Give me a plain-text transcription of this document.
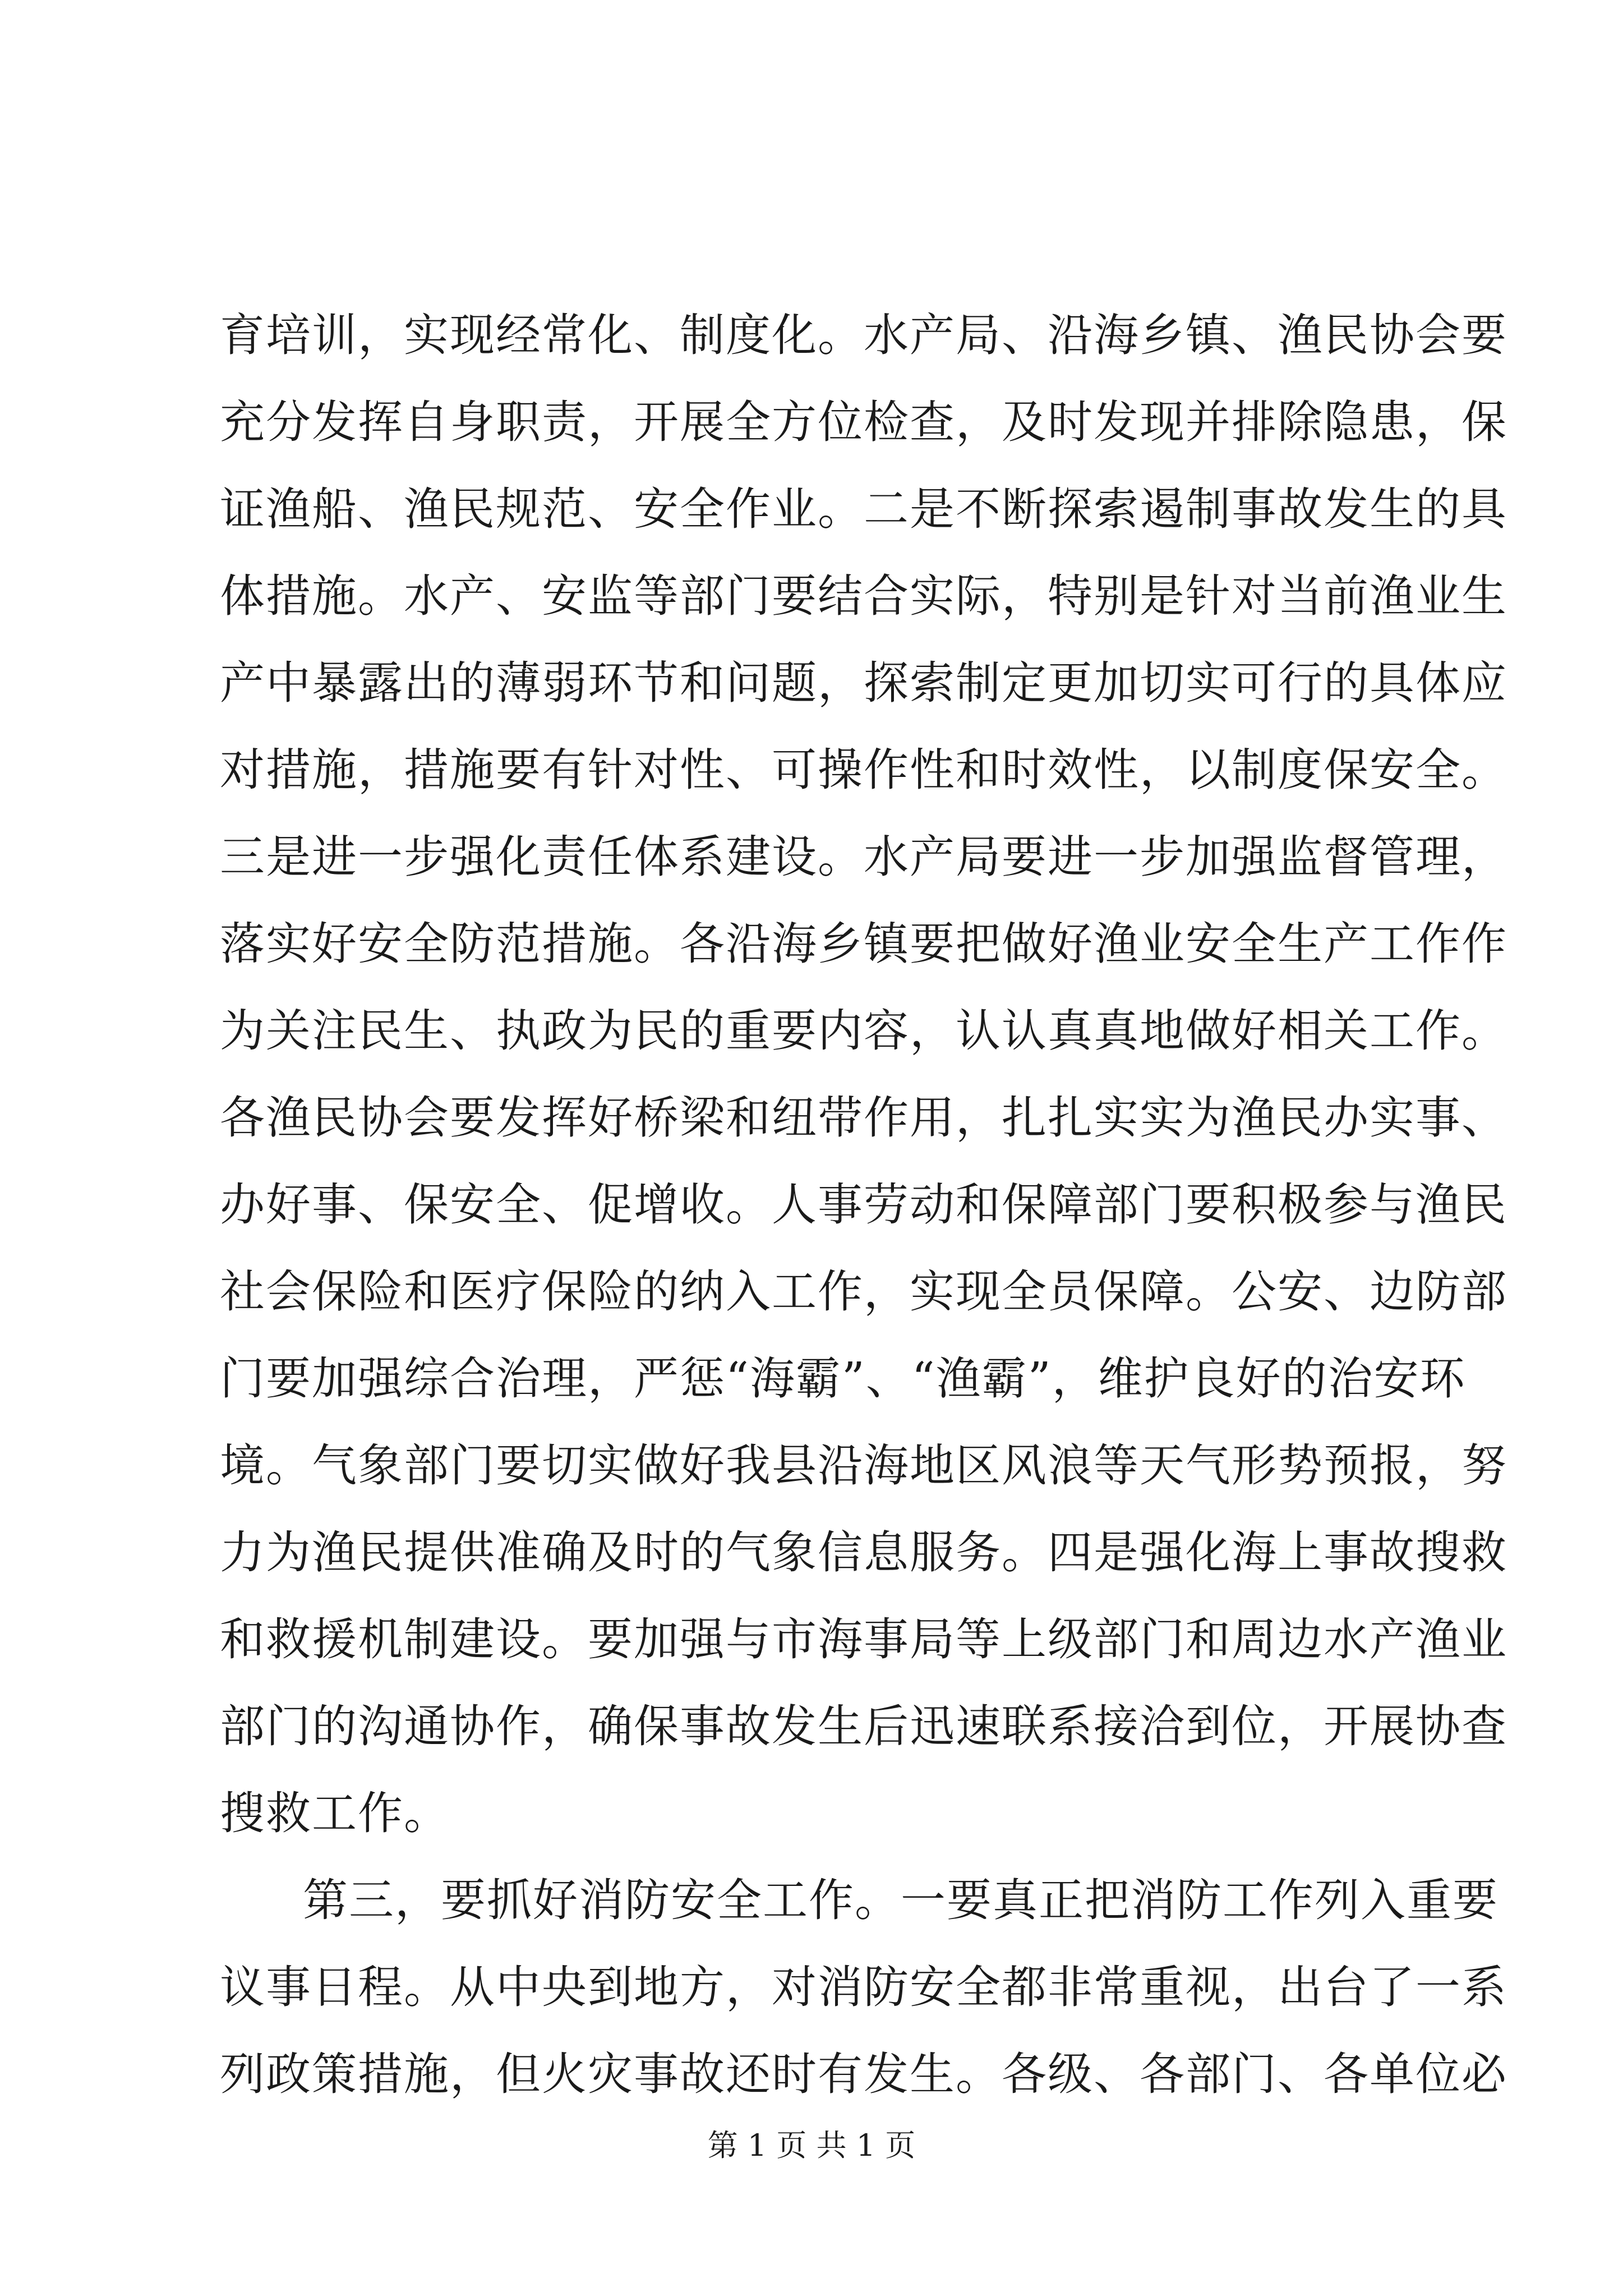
育培训，实现经常化、制度化。水产局、沿海乡镇、渔民协会要
充分发挥自身职责，开展全方位检查，及时发现并排除隐患，保
证渔船、渔民规范、安全作业。二是不断探索遏制事故发生的具
体措施。水产、安监等部门要结合实际，特别是针对当前渔业生
产中暴露出的薄弱环节和问题，探索制定更加切实可行的具体应
对措施，措施要有针对性、可操作性和时效性，以制度保安全。
三是进一步强化责任体系建设。水产局要进一步加强监督管理，
落实好安全防范措施。各沿海乡镇要把做好渔业安全生产工作作
为关注民生、执政为民的重要内容，认认真真地做好相关工作。
各渔民协会要发挥好桥梁和纽带作用，扎扎实实为渔民办实事、
办好事、保安全、促增收。人事劳动和保障部门要积极参与渔民
社会保险和医疗保险的纳入工作，实现全员保障。公安、边防部
门要加强综合治理，严惩“海霸”、“渔霸”，维护良好的治安环
境。气象部门要切实做好我县沿海地区风浪等天气形势预报，努
力为渔民提供准确及时的气象信息服务。四是强化海上事故搜救
和救援机制建设。要加强与市海事局等上级部门和周边水产渔业
部门的沟通协作，确保事故发生后迅速联系接洽到位，开展协查
搜救工作。
第三，要抓好消防安全工作。一要真正把消防工作列入重要
议事日程。从中央到地方，对消防安全都非常重视，出台了一系
列政策措施，但火灾事故还时有发生。各级、各部门、各单位必
第 1 页 共 1 页
